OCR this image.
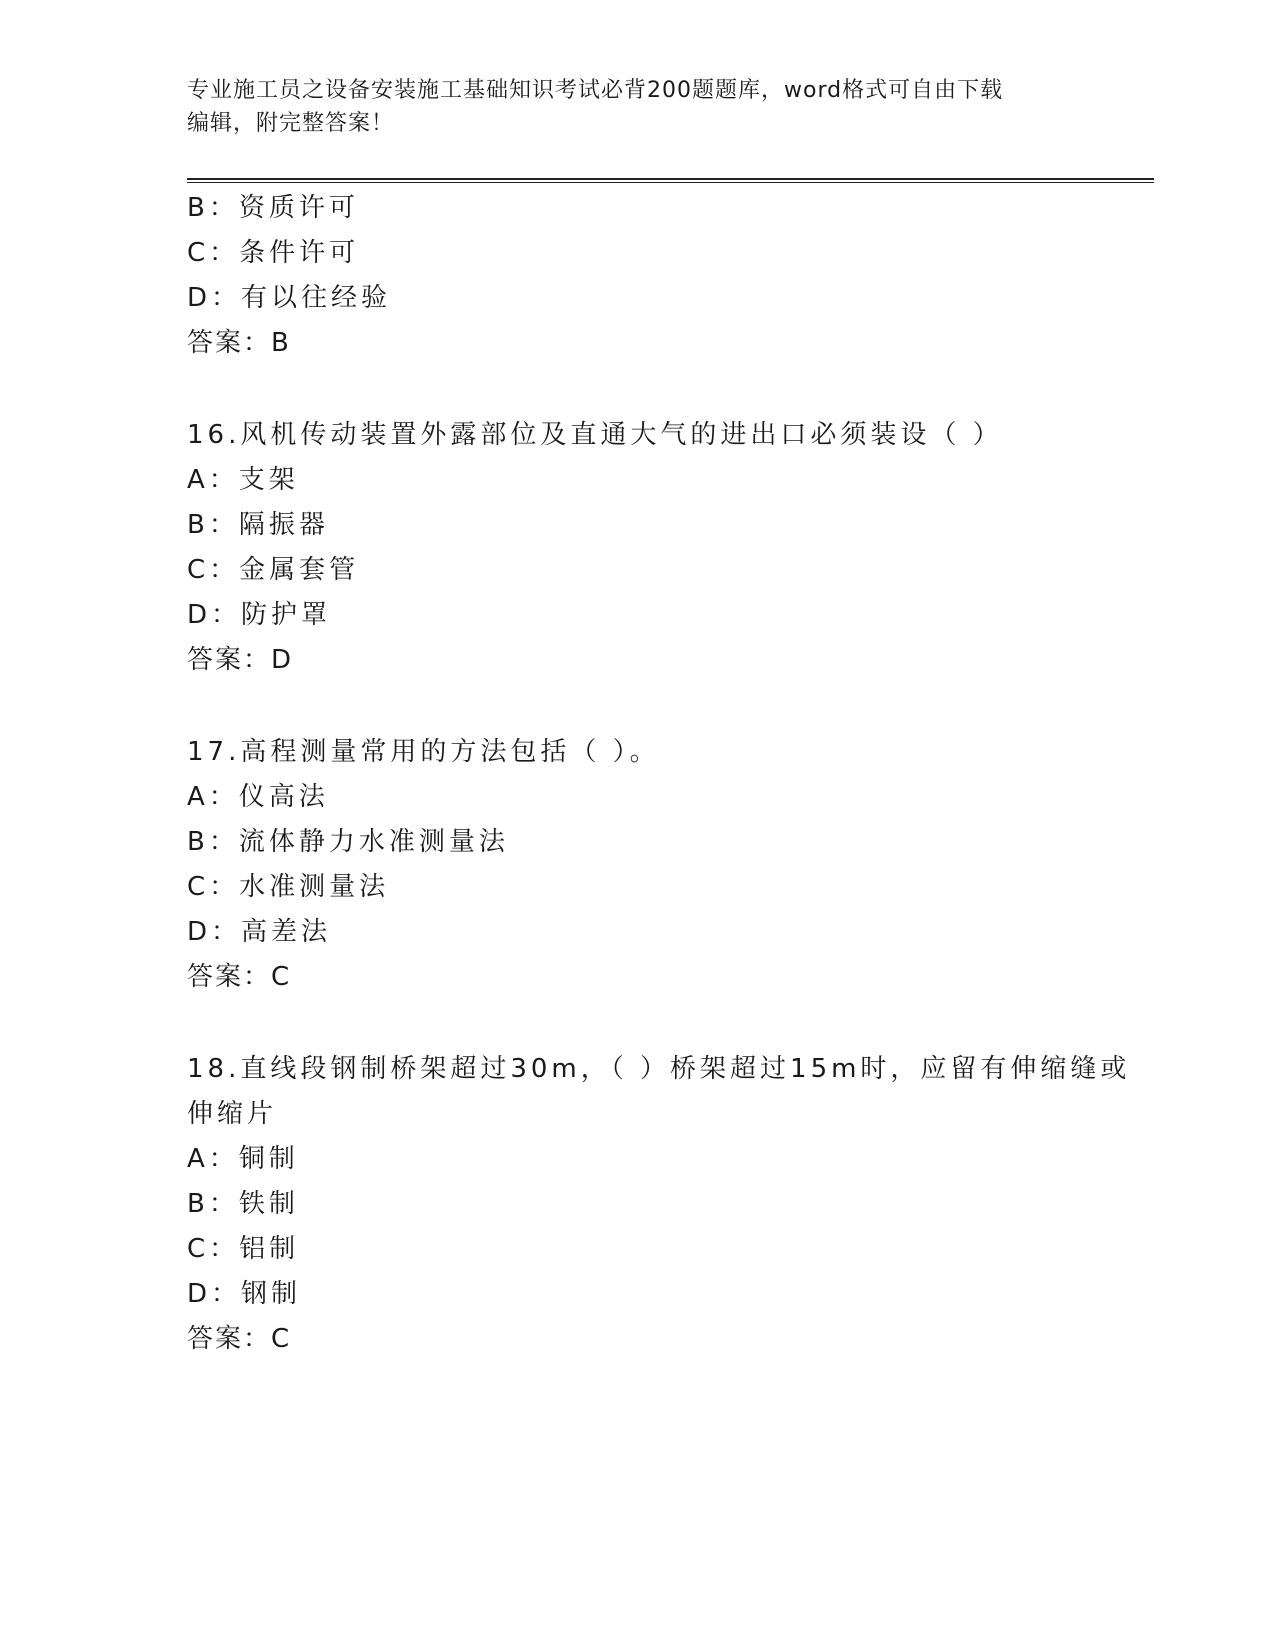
专业施工员之设备安装施工基础知识考试必背200题题库，word格式可自由下载
编辑，附完整答案！
B：资质许可
C：条件许可
D：有以往经验
答案：B
16.风机传动装置外露部位及直通大气的进出口必须装设（ ）
A：支架
B：隔振器
C：金属套管
D：防护罩
答案：D
17.高程测量常用的方法包括（ ）。
A：仪高法
B：流体静力水准测量法
C：水准测量法
D：高差法
答案：C
18.直线段钢制桥架超过30m，（ ）桥架超过15m时，应留有伸缩缝或
伸缩片
A：铜制
B：铁制
C：铝制
D：钢制
答案：C
